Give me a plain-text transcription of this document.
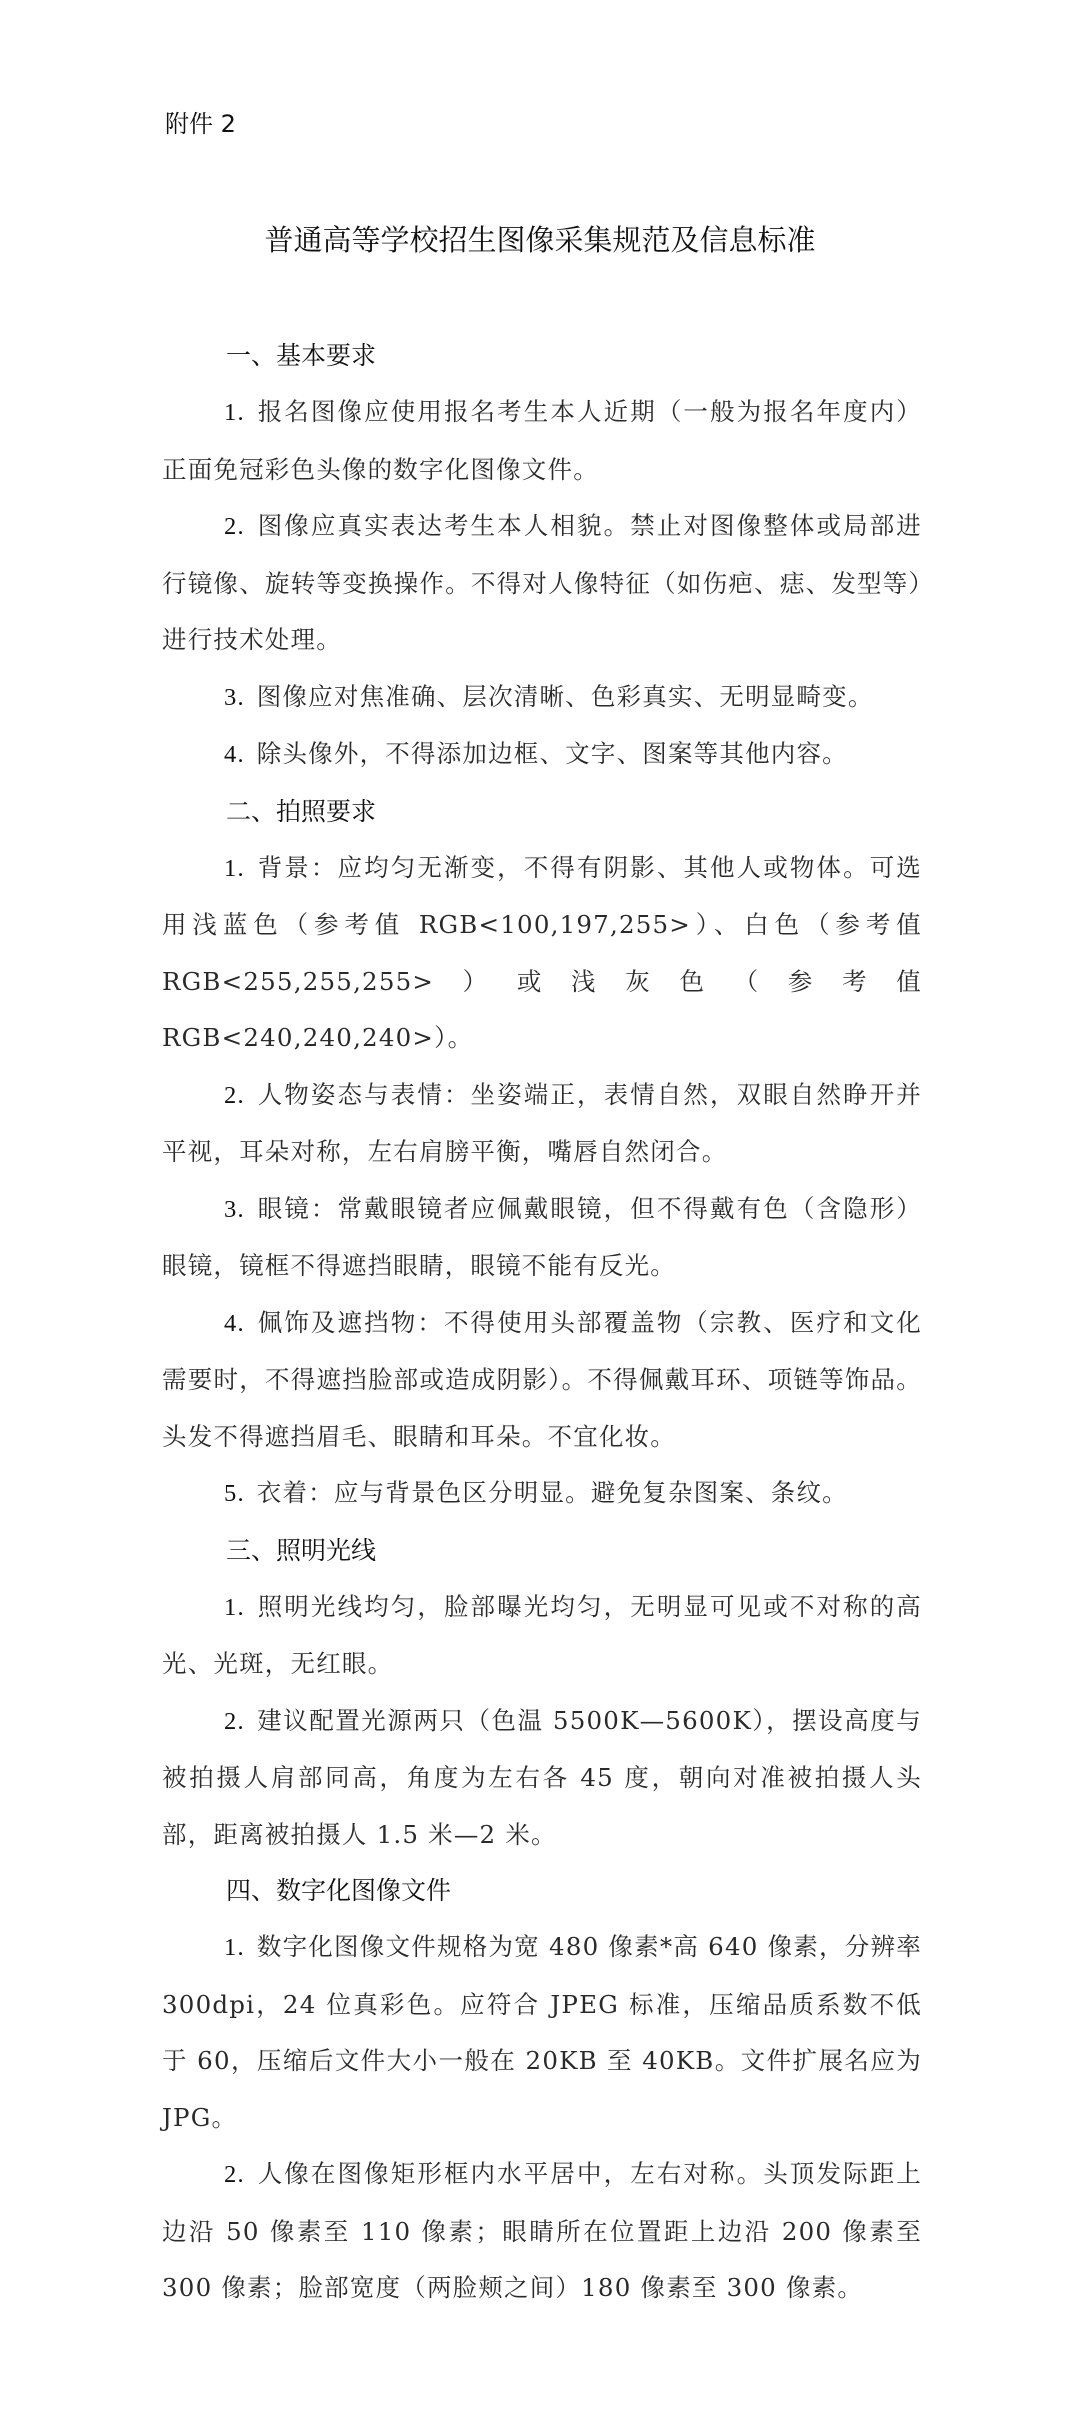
附件 2
普通高等学校招生图像采集规范及信息标准
一、基本要求

1. 报名图像应使用报名考生本人近期（一般为报名年度内）正面免冠彩色头像的数字化图像文件。

2. 图像应真实表达考生本人相貌。禁止对图像整体或局部进行镜像、旋转等变换操作。不得对人像特征（如伤疤、痣、发型等）进行技术处理。

3. 图像应对焦准确、层次清晰、色彩真实、无明显畸变。

4. 除头像外，不得添加边框、文字、图案等其他内容。

二、拍照要求

1. 背景：应均匀无渐变，不得有阴影、其他人或物体。可选用浅蓝色（参考值 RGB<100,197,255>）、白色（参考值 RGB<255,255,255>）或浅灰色（参考值 RGB<240,240,240>）。

2. 人物姿态与表情：坐姿端正，表情自然，双眼自然睁开并平视，耳朵对称，左右肩膀平衡，嘴唇自然闭合。

3. 眼镜：常戴眼镜者应佩戴眼镜，但不得戴有色（含隐形）眼镜，镜框不得遮挡眼睛，眼镜不能有反光。

4. 佩饰及遮挡物：不得使用头部覆盖物（宗教、医疗和文化需要时，不得遮挡脸部或造成阴影）。不得佩戴耳环、项链等饰品。头发不得遮挡眉毛、眼睛和耳朵。不宜化妆。

5. 衣着：应与背景色区分明显。避免复杂图案、条纹。

三、照明光线

1. 照明光线均匀，脸部曝光均匀，无明显可见或不对称的高光、光斑，无红眼。

2. 建议配置光源两只（色温 5500K—5600K），摆设高度与被拍摄人肩部同高，角度为左右各 45 度，朝向对准被拍摄人头部，距离被拍摄人 1.5 米—2 米。

四、数字化图像文件

1. 数字化图像文件规格为宽 480 像素*高 640 像素，分辨率 300dpi，24 位真彩色。应符合 JPEG 标准，压缩品质系数不低于 60，压缩后文件大小一般在 20KB 至 40KB。文件扩展名应为 JPG。

2. 人像在图像矩形框内水平居中，左右对称。头顶发际距上边沿 50 像素至 110 像素；眼睛所在位置距上边沿 200 像素至 300 像素；脸部宽度（两脸颊之间）180 像素至 300 像素。
